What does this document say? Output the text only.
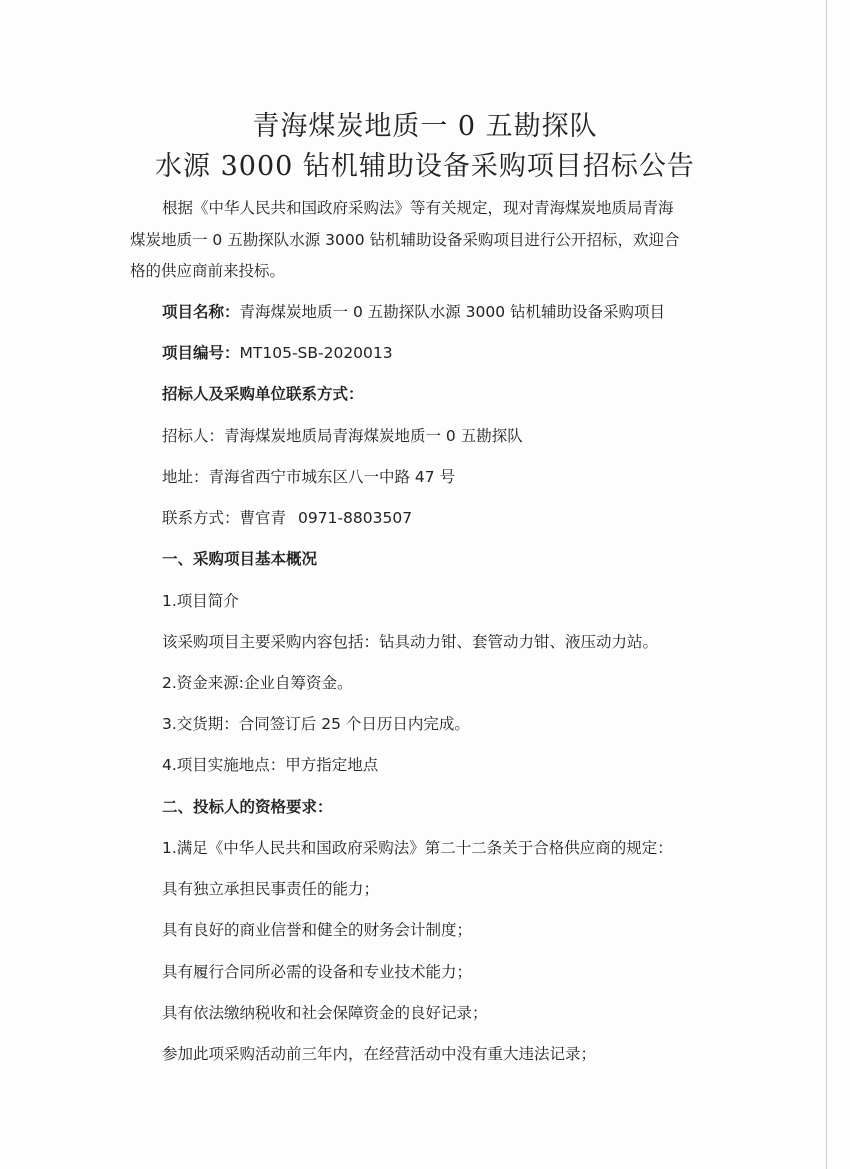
青海煤炭地质一 0 五勘探队
水源 3000 钻机辅助设备采购项目招标公告
根据《中华人民共和国政府采购法》等有关规定，现对青海煤炭地质局青海
煤炭地质一 0 五勘探队水源 3000 钻机辅助设备采购项目进行公开招标，欢迎合
格的供应商前来投标。
项目名称：青海煤炭地质一 0 五勘探队水源 3000 钻机辅助设备采购项目
项目编号：MT105-SB-2020013
招标人及采购单位联系方式：
招标人：青海煤炭地质局青海煤炭地质一 0 五勘探队
地址：青海省西宁市城东区八一中路 47 号
联系方式：曹官青 0971-8803507
一、采购项目基本概况
1.项目简介
该采购项目主要采购内容包括：钻具动力钳、套管动力钳、液压动力站。
2.资金来源:企业自筹资金。
3.交货期：合同签订后 25 个日历日内完成。
4.项目实施地点：甲方指定地点
二、投标人的资格要求：
1.满足《中华人民共和国政府采购法》第二十二条关于合格供应商的规定：
具有独立承担民事责任的能力；
具有良好的商业信誉和健全的财务会计制度；
具有履行合同所必需的设备和专业技术能力；
具有依法缴纳税收和社会保障资金的良好记录；
参加此项采购活动前三年内，在经营活动中没有重大违法记录；
